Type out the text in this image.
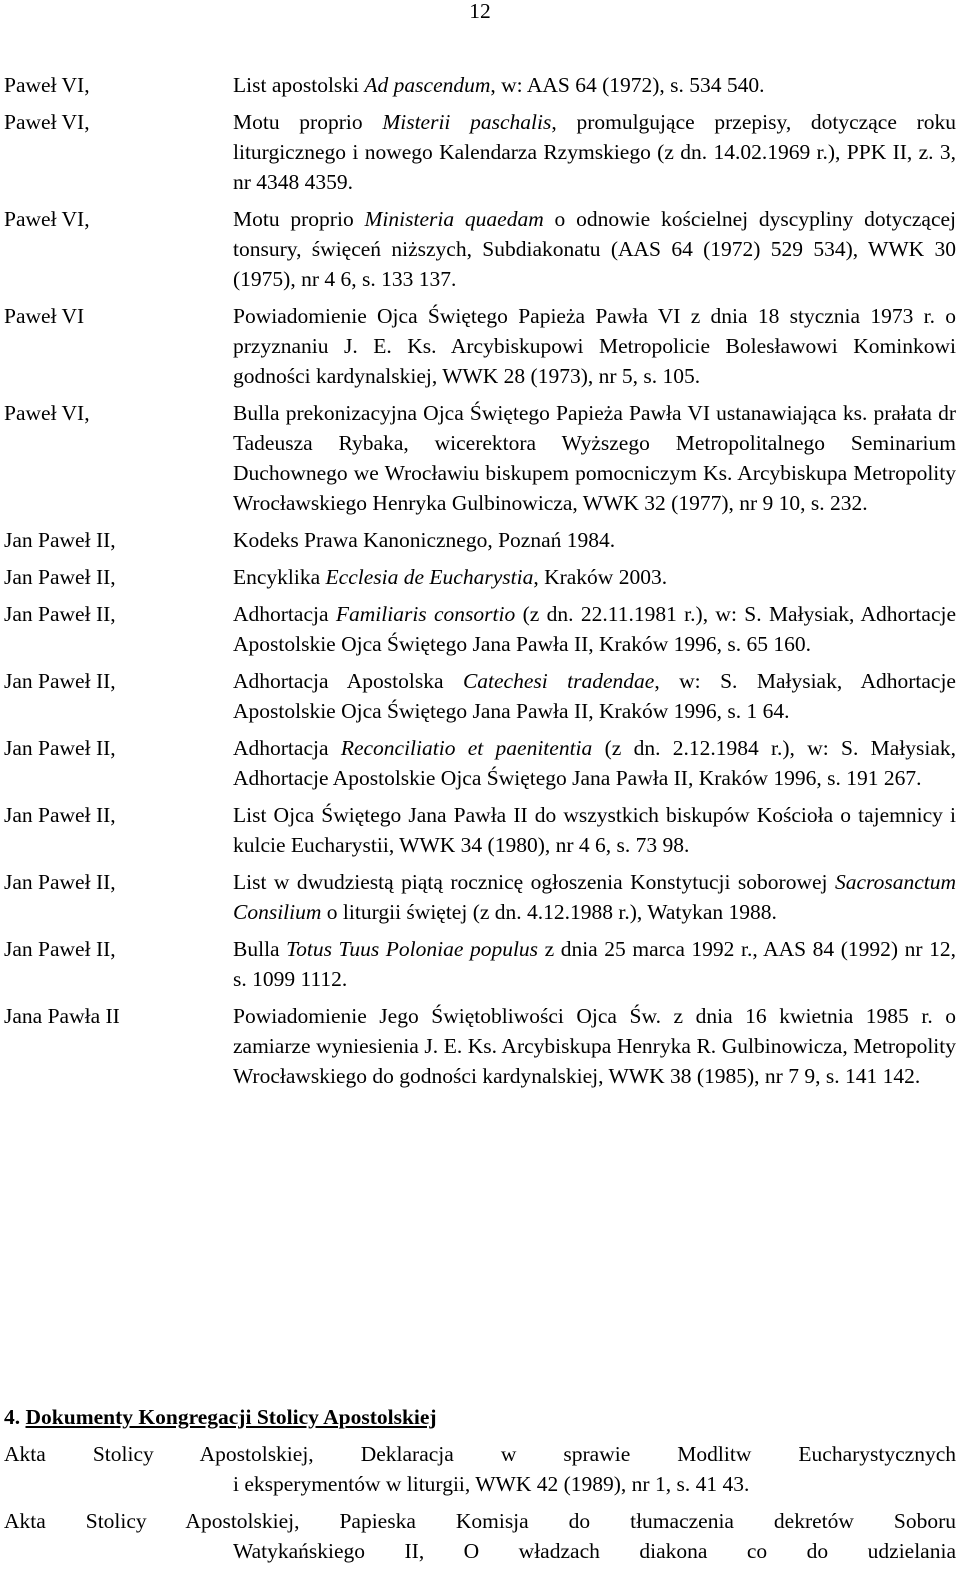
12
Paweł VI,	List apostolski Ad pascendum, w: AAS 64 (1972), s. 534 540.
Paweł VI,	Motu proprio Misterii paschalis, promulgujące przepisy, dotyczące roku liturgicznego i nowego Kalendarza Rzymskiego (z dn. 14.02.1969 r.), PPK II, z. 3, nr 4348 4359.
Paweł VI,	Motu proprio Ministeria quaedam o odnowie kościelnej dyscypliny dotyczącej tonsury, święceń niższych, Subdiakonatu (AAS 64 (1972) 529 534), WWK 30 (1975), nr 4 6, s. 133 137.
Paweł VI	Powiadomienie Ojca Świętego Papieża Pawła VI z dnia 18 stycznia 1973 r. o przyznaniu J. E. Ks. Arcybiskupowi Metropolicie Bolesławowi Kominkowi godności kardynalskiej, WWK 28 (1973), nr 5, s. 105.
Paweł VI,	Bulla prekonizacyjna Ojca Świętego Papieża Pawła VI ustanawiająca ks. prałata dr Tadeusza Rybaka, wicerektora Wyższego Metropolitalnego Seminarium Duchownego we Wrocławiu biskupem pomocniczym Ks. Arcybiskupa Metropolity Wrocławskiego Henryka Gulbinowicza, WWK 32 (1977), nr 9 10, s. 232.
Jan Paweł II,	Kodeks Prawa Kanonicznego, Poznań 1984.
Jan Paweł II,	Encyklika Ecclesia de Eucharystia, Kraków 2003.
Jan Paweł II,	Adhortacja Familiaris consortio (z dn. 22.11.1981 r.), w: S. Małysiak, Adhortacje Apostolskie Ojca Świętego Jana Pawła II, Kraków 1996, s. 65 160.
Jan Paweł II,	Adhortacja Apostolska Catechesi tradendae, w: S. Małysiak, Adhortacje Apostolskie Ojca Świętego Jana Pawła II, Kraków 1996, s. 1 64.
Jan Paweł II,	Adhortacja Reconciliatio et paenitentia (z dn. 2.12.1984 r.), w: S. Małysiak, Adhortacje Apostolskie Ojca Świętego Jana Pawła II, Kraków 1996, s. 191 267.
Jan Paweł II,	List Ojca Świętego Jana Pawła II do wszystkich biskupów Kościoła o tajemnicy i kulcie Eucharystii, WWK 34 (1980), nr 4 6, s. 73 98.
Jan Paweł II,	List w dwudziestą piątą rocznicę ogłoszenia Konstytucji soborowej Sacrosanctum Consilium o liturgii świętej (z dn. 4.12.1988 r.), Watykan 1988.
Jan Paweł II,	Bulla Totus Tuus Poloniae populus z dnia 25 marca 1992 r., AAS 84 (1992) nr 12, s. 1099 1112.
Jana Pawła II	Powiadomienie Jego Świętobliwości Ojca Św. z dnia 16 kwietnia 1985 r. o zamiarze wyniesienia J. E. Ks. Arcybiskupa Henryka R. Gulbinowicza, Metropolity Wrocławskiego do godności kardynalskiej, WWK 38 (1985), nr 7 9, s. 141 142.
4. Dokumenty Kongregacji Stolicy Apostolskiej
Akta Stolicy Apostolskiej, Deklaracja w sprawie Modlitw Eucharystycznych
i eksperymentów w liturgii, WWK 42 (1989), nr 1, s. 41 43.
Akta Stolicy Apostolskiej, Papieska Komisja do tłumaczenia dekretów Soboru
Watykańskiego II, O władzach diakona co do udzielania
